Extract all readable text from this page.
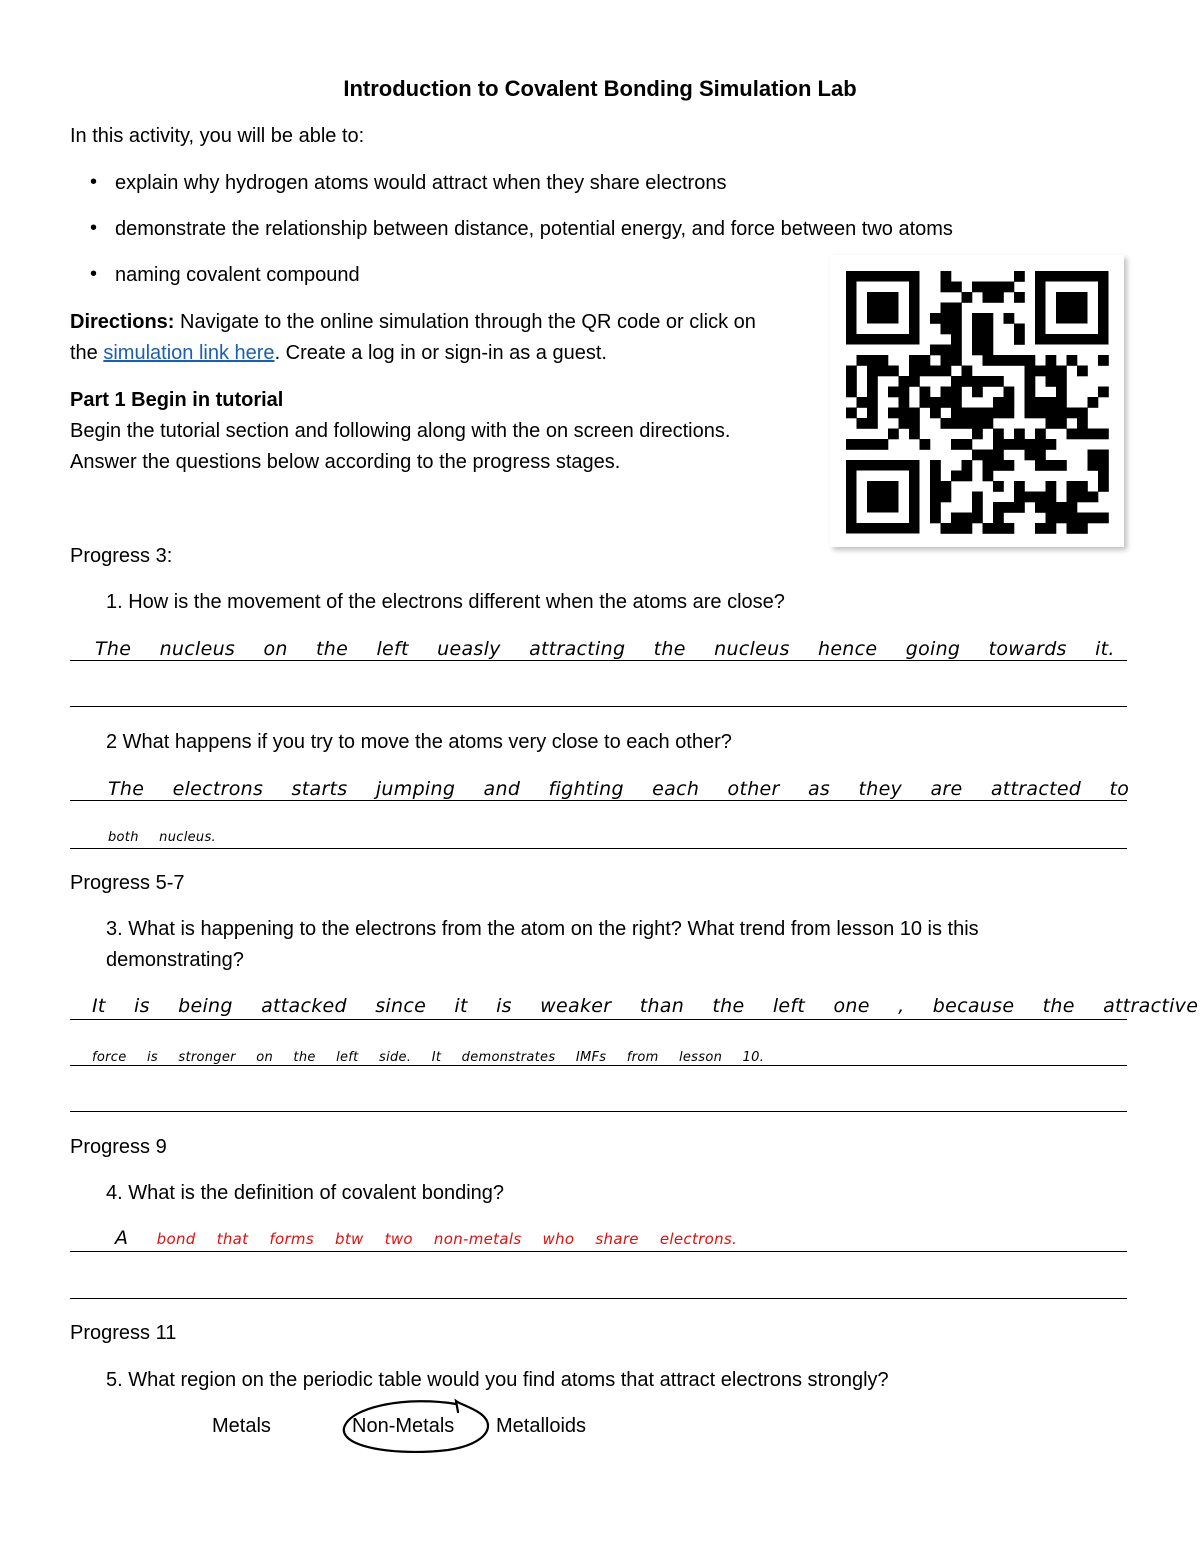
Introduction to Covalent Bonding Simulation Lab
In this activity, you will be able to:
explain why hydrogen atoms would attract when they share electrons
demonstrate the relationship between distance, potential energy, and force between two atoms
naming covalent compound
Directions: Navigate to the online simulation through the QR code or click on
the simulation link here. Create a log in or sign-in as a guest.
Part 1 Begin in tutorial
Begin the tutorial section and following along with the on screen directions.
Answer the questions below according to the progress stages.
Progress 3:
1. How is the movement of the electrons different when the atoms are close?
The nucleus on the left ueasly attracting the nucleus hence going towards it.
2 What happens if you try to move the atoms very close to each other?
The electrons starts jumping and fighting each other as they are attracted to
both nucleus.
Progress 5-7
3. What is happening to the electrons from the atom on the right? What trend from lesson 10 is this
demonstrating?
It is being attacked since it is weaker than the left one , because the attractive
force is stronger on the left side. It demonstrates IMFs from lesson 10.
Progress 9
4. What is the definition of covalent bonding?
A bond that forms btw two non-metals who share electrons.
Progress 11
5. What region on the periodic table would you find atoms that attract electrons strongly?
Metals	Non-Metals Metalloids
